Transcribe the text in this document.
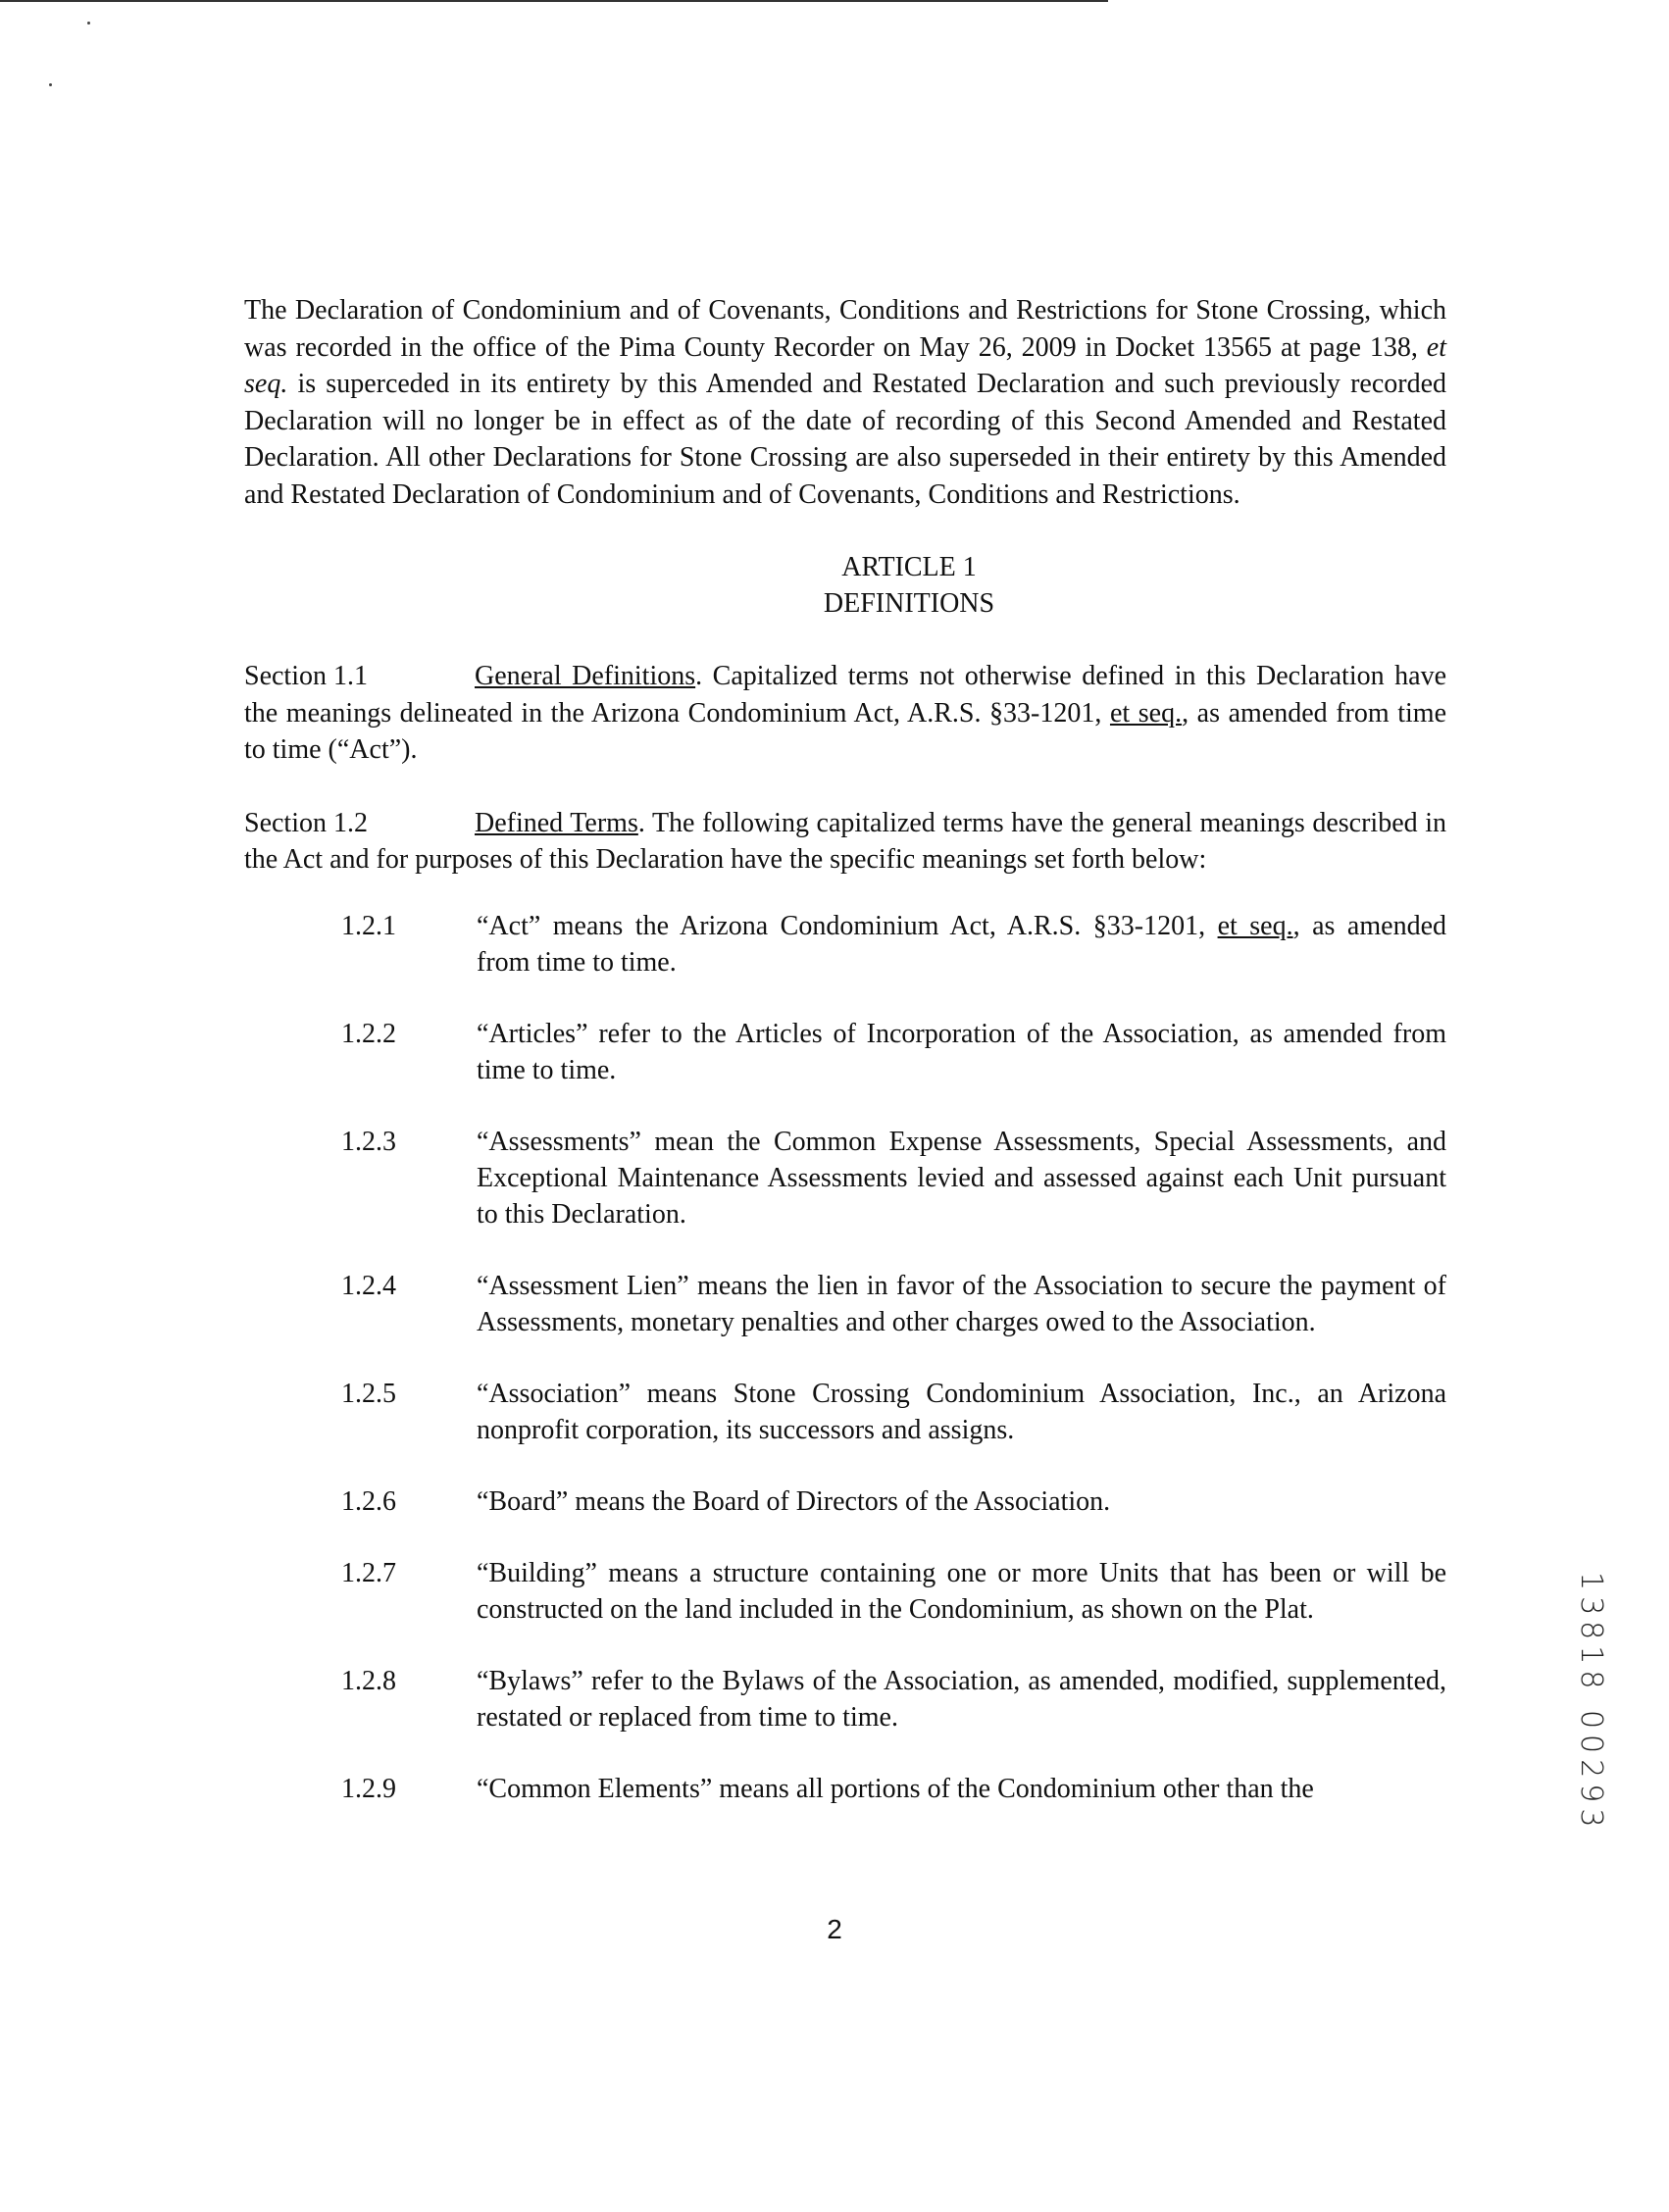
The Declaration of Condominium and of Covenants, Conditions and Restrictions for Stone Crossing, which was recorded in the office of the Pima County Recorder on May 26, 2009 in Docket 13565 at page 138, et seq. is superceded in its entirety by this Amended and Restated Declaration and such previously recorded Declaration will no longer be in effect as of the date of recording of this Second Amended and Restated Declaration. All other Declarations for Stone Crossing are also superseded in their entirety by this Amended and Restated Declaration of Condominium and of Covenants, Conditions and Restrictions.

ARTICLE 1
DEFINITIONS
Section 1.1	General Definitions. Capitalized terms not otherwise defined in this Declaration have the meanings delineated in the Arizona Condominium Act, A.R.S. §33-1201, et seq., as amended from time to time (“Act”).
Section 1.2	Defined Terms. The following capitalized terms have the general meanings described in the Act and for purposes of this Declaration have the specific meanings set forth below:
1.2.1	“Act” means the Arizona Condominium Act, A.R.S. §33-1201, et seq., as amended from time to time.
1.2.2	“Articles” refer to the Articles of Incorporation of the Association, as amended from time to time.
1.2.3	“Assessments” mean the Common Expense Assessments, Special Assessments, and Exceptional Maintenance Assessments levied and assessed against each Unit pursuant to this Declaration.
1.2.4	“Assessment Lien” means the lien in favor of the Association to secure the payment of Assessments, monetary penalties and other charges owed to the Association.
1.2.5	“Association” means Stone Crossing Condominium Association, Inc., an Arizona nonprofit corporation, its successors and assigns.
1.2.6	“Board” means the Board of Directors of the Association.
1.2.7	“Building” means a structure containing one or more Units that has been or will be constructed on the land included in the Condominium, as shown on the Plat.
1.2.8	“Bylaws” refer to the Bylaws of the Association, as amended, modified, supplemented, restated or replaced from time to time.
1.2.9	“Common Elements” means all portions of the Condominium other than the
2
13818 00293
